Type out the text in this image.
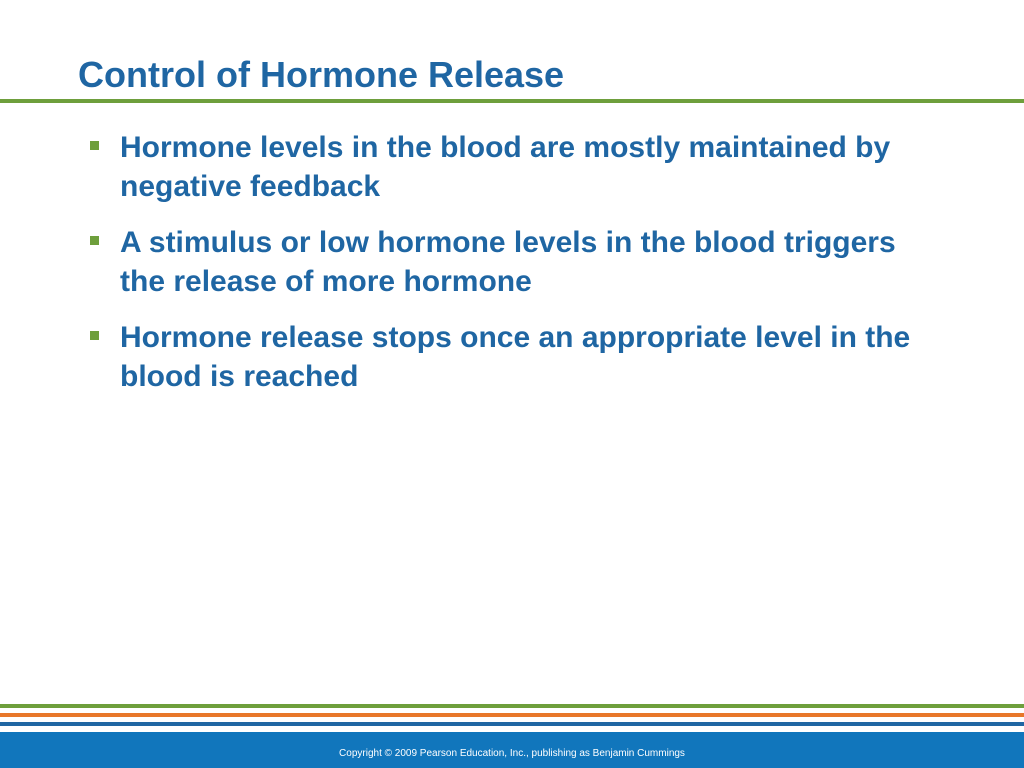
Control of Hormone Release
Hormone levels in the blood are mostly maintained by negative feedback
A stimulus or low hormone levels in the blood triggers the release of more hormone
Hormone release stops once an appropriate level in the blood is reached
Copyright © 2009 Pearson Education, Inc., publishing as Benjamin Cummings
